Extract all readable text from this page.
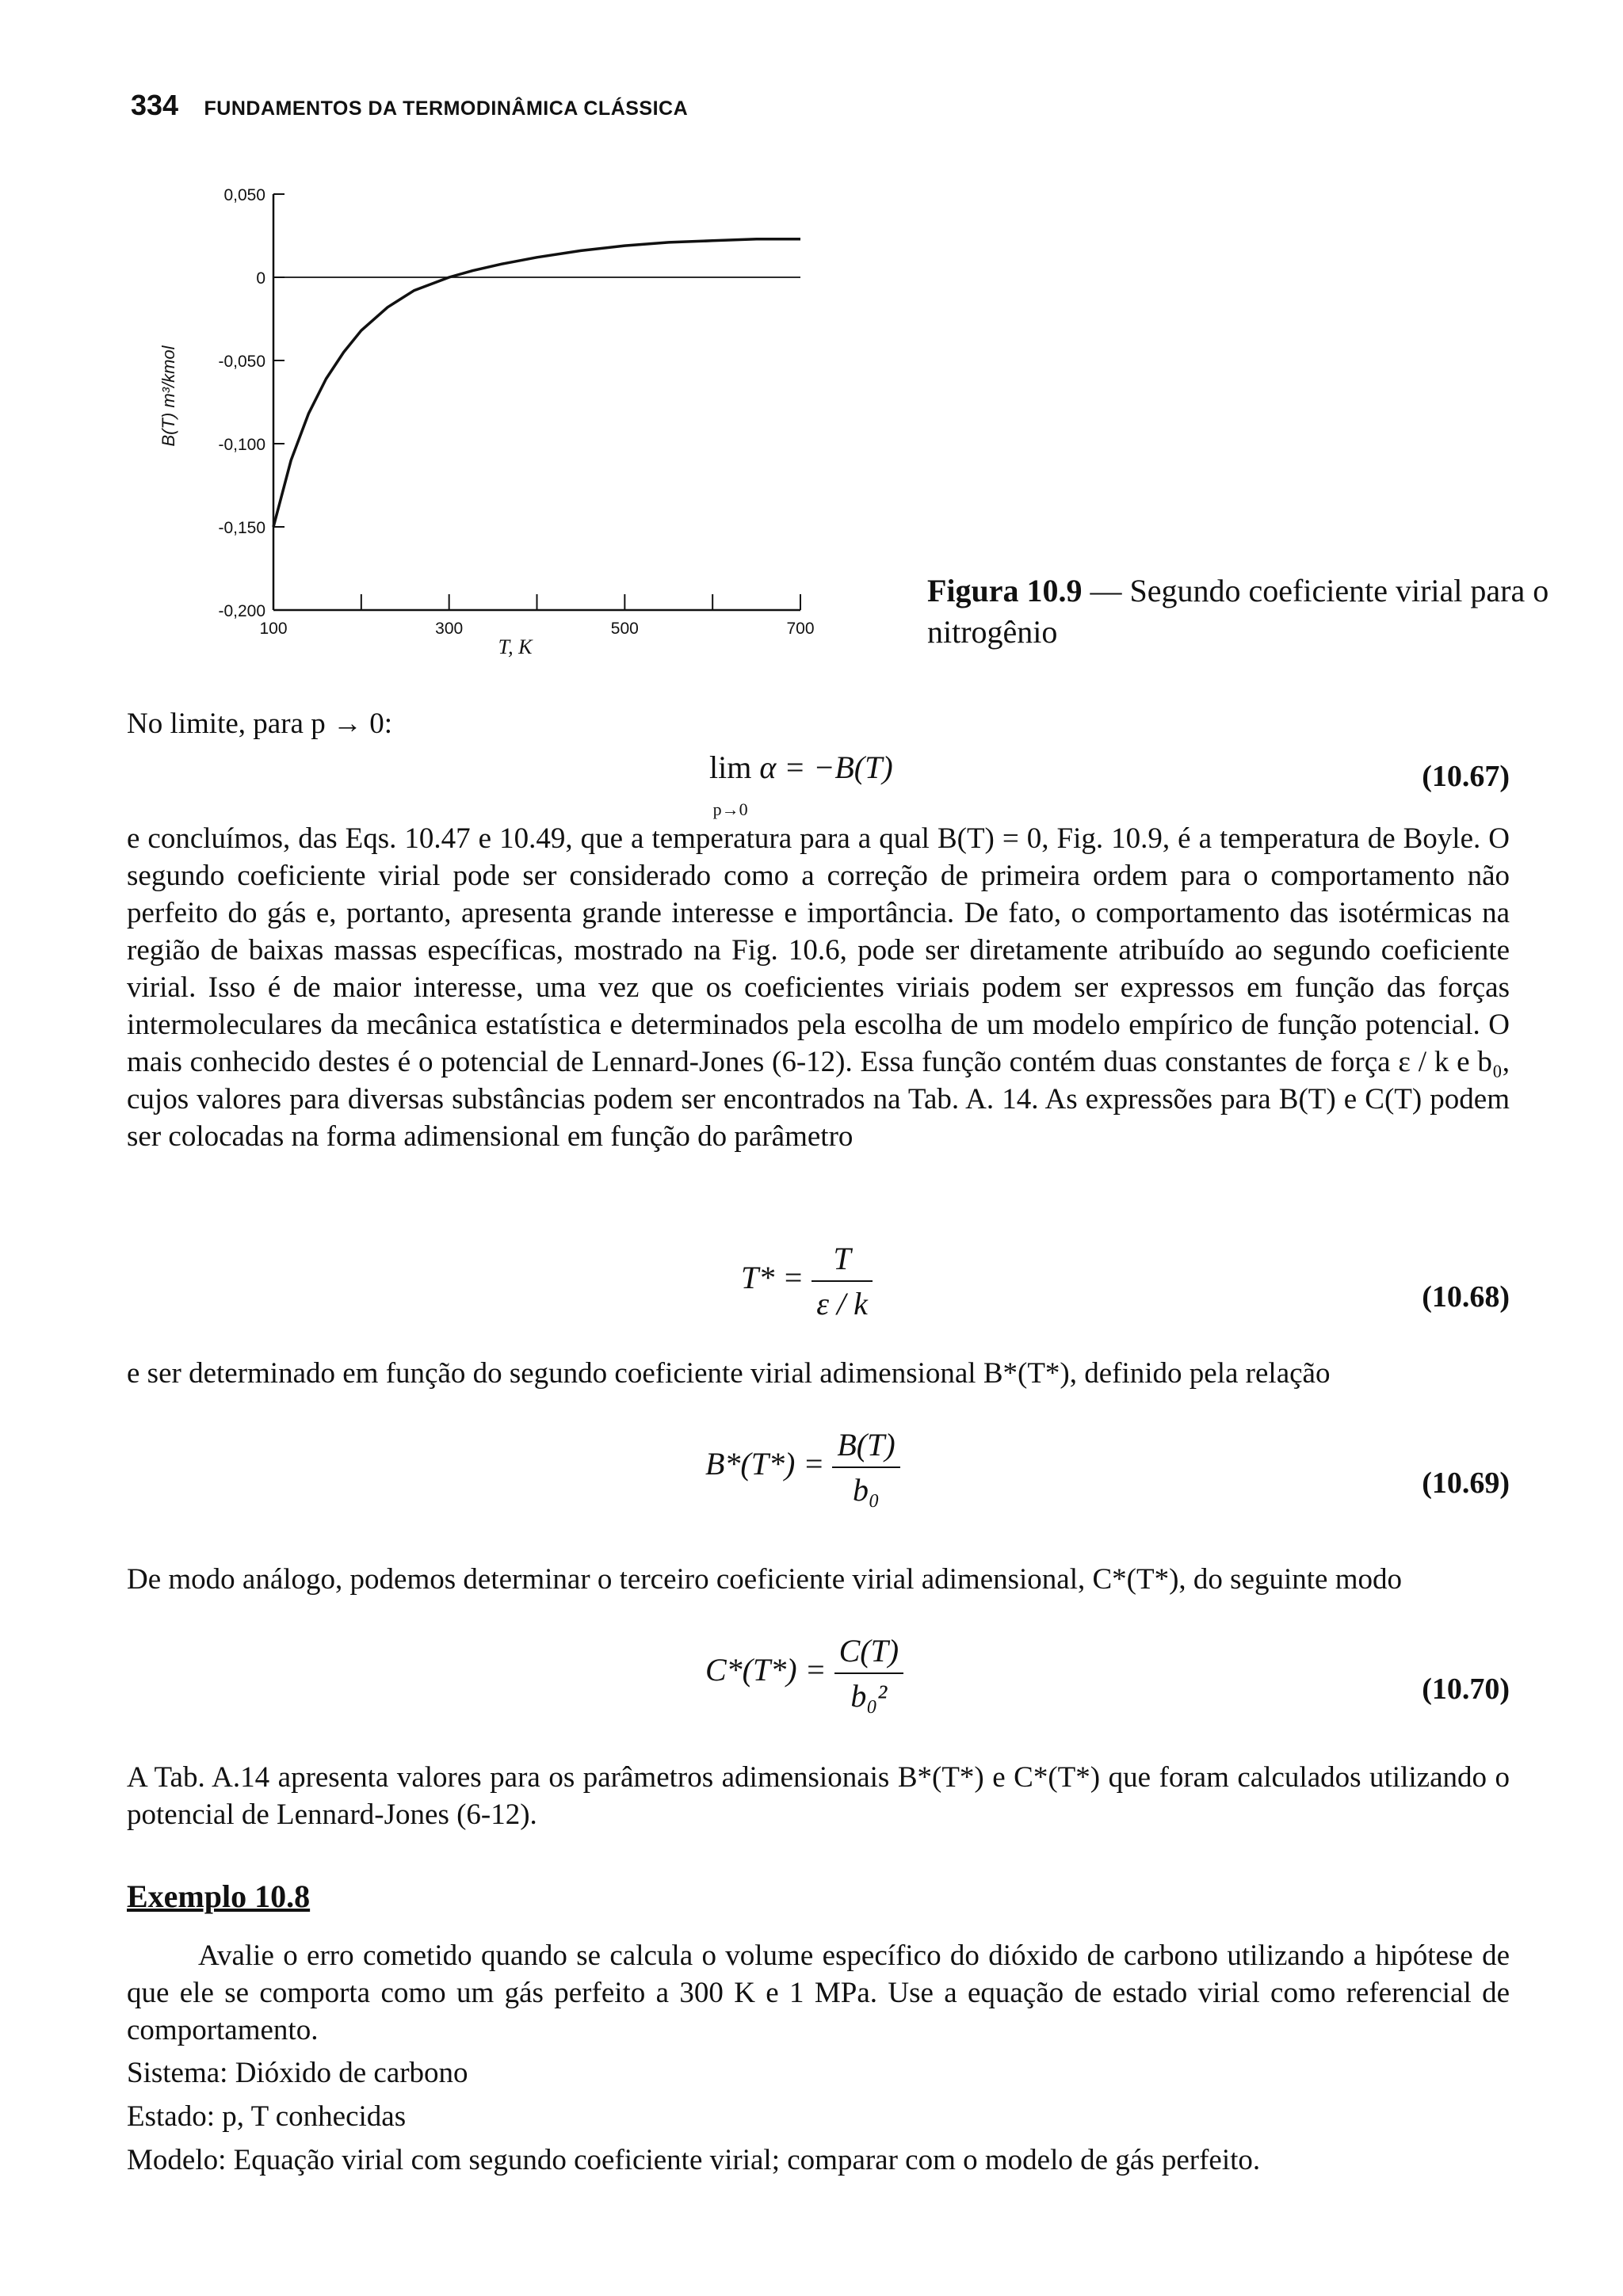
334 FUNDAMENTOS DA TERMODINÂMICA CLÁSSICA
0,050
0
-0,050
-0,100
-0,150
-0,200
100	300	500	700
B(T) m³/kmol
T, K
Figura 10.9 — Segundo coeficiente virial para o nitrogênio
No limite, para p → 0:
lim
p→0 α = −B(T)	(10.67)
e concluímos, das Eqs. 10.47 e 10.49, que a temperatura para a qual B(T) = 0, Fig. 10.9, é a temperatura de Boyle. O segundo coeficiente virial pode ser considerado como a correção de primeira ordem para o comportamento não perfeito do gás e, portanto, apresenta grande interesse e importância. De fato, o comportamento das isotérmicas na região de baixas massas específicas, mostrado na Fig. 10.6, pode ser diretamente atribuído ao segundo coeficiente virial. Isso é de maior interesse, uma vez que os coeficientes viriais podem ser expressos em função das forças intermoleculares da mecânica estatística e determinados pela escolha de um modelo empírico de função potencial. O mais conhecido destes é o potencial de Lennard-Jones (6-12). Essa função contém duas constantes de força ε / k e b₀, cujos valores para diversas substâncias podem ser encontrados na Tab. A. 14. As expressões para B(T) e C(T) podem ser colocadas na forma adimensional em função do parâmetro
$T* = \frac{T}{\varepsilon / k}$	(10.68)
e ser determinado em função do segundo coeficiente virial adimensional B*(T*), definido pela relação
$B*(T*) = \frac{B(T)}{\text{b₀}}$	(10.69)
De modo análogo, podemos determinar o terceiro coeficiente virial adimensional, C*(T*), do seguinte modo
$C*(T*) = \frac{C(T)}{\text{b₀²}}$	(10.70)
A Tab. A.14 apresenta valores para os parâmetros adimensionais B*(T*) e C*(T*) que foram calculados utilizando o potencial de Lennard-Jones (6-12).
Exemplo 10.8
Avalie o erro cometido quando se calcula o volume específico do dióxido de carbono utilizando a hipótese de que ele se comporta como um gás perfeito a 300 K e 1 MPa. Use a equação de estado virial como referencial de comportamento.
Sistema: Dióxido de carbono
Estado: p, T conhecidas
Modelo: Equação virial com segundo coeficiente virial; comparar com o modelo de gás perfeito.
